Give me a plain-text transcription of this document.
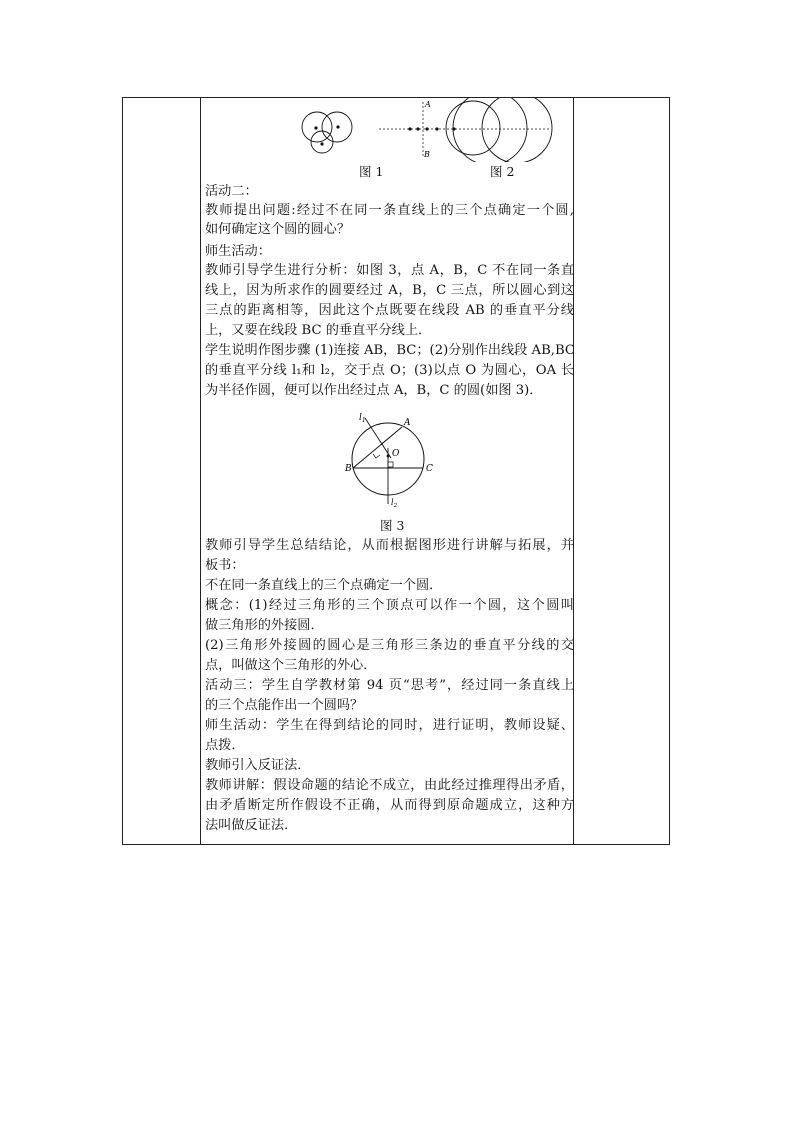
A
B
图 1	图 2
活动二：
教师提出问题:经过不在同一条直线上的三个点确定一个圆,
如何确定这个圆的圆心？
师生活动：
教师引导学生进行分析：如图 3，点 A，B，C 不在同一条直
线上，因为所求作的圆要经过 A，B，C 三点，所以圆心到这
三点的距离相等，因此这个点既要在线段 AB 的垂直平分线
上，又要在线段 BC 的垂直平分线上．
学生说明作图步骤 (1)连接 AB，BC；(2)分别作出线段 AB,BC
的垂直平分线 l₁和 l₂，交于点 O；(3)以点 O 为圆心，OA 长
为半径作圆，便可以作出经过点 A，B，C 的圆(如图 3)．
$l_1$	A
B	C
O
$l_2$
图 3
教师引导学生总结结论，从而根据图形进行讲解与拓展，并
板书：
不在同一条直线上的三个点确定一个圆．
概念：(1)经过三角形的三个顶点可以作一个圆，这个圆叫
做三角形的外接圆．
(2)三角形外接圆的圆心是三角形三条边的垂直平分线的交
点，叫做这个三角形的外心．
活动三：学生自学教材第 94 页“思考”，经过同一条直线上
的三个点能作出一个圆吗？
师生活动：学生在得到结论的同时，进行证明，教师设疑、
点拨．
教师引入反证法．
教师讲解：假设命题的结论不成立，由此经过推理得出矛盾，
由矛盾断定所作假设不正确，从而得到原命题成立，这种方
法叫做反证法．
